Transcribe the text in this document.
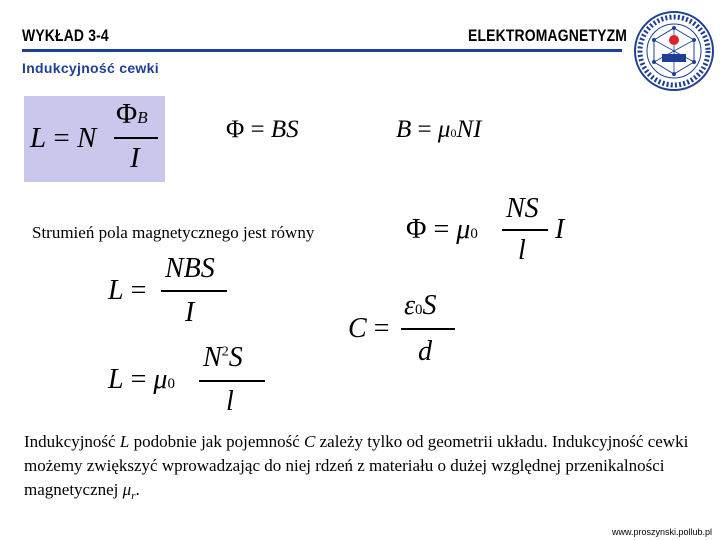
WYKŁAD 3-4	ELEKTROMAGNETYZM
Indukcyjność cewki
L = N
ΦB
I
Φ = BS	B = μ0NI
Strumień pola magnetycznego jest równy	Φ = μ0
NS
l
I
L =
NBS
I
C =
ε0S
d
L = μ0
$N^2S$
l
Indukcyjność L podobnie jak pojemność C zależy tylko od geometrii układu. Indukcyjność cewki możemy zwiększyć wprowadzając do niej rdzeń z materiału o dużej względnej przenikalności magnetycznej $\mu_r$.
www.proszynski.pollub.pl
